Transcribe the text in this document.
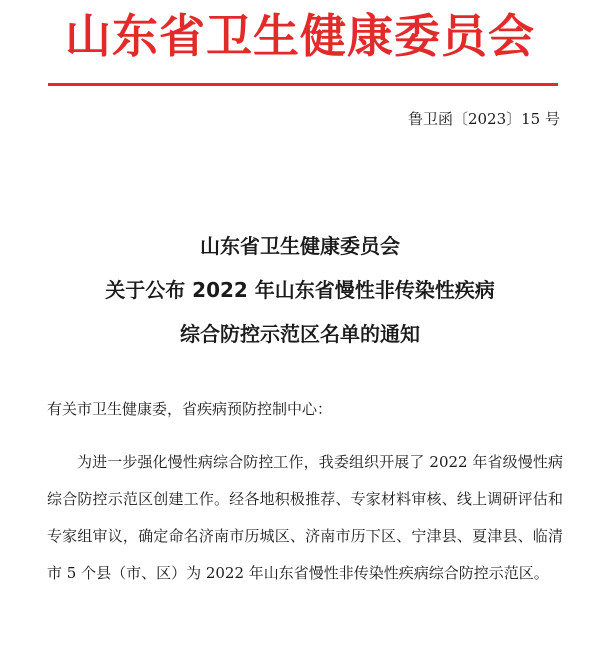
山东省卫生健康委员会
鲁卫函〔2023〕15 号
山东省卫生健康委员会
关于公布 2022 年山东省慢性非传染性疾病
综合防控示范区名单的通知
有关市卫生健康委，省疾病预防控制中心：
为进一步强化慢性病综合防控工作，我委组织开展了 2022 年省级慢性病综合防控示范区创建工作。经各地积极推荐、专家材料审核、线上调研评估和专家组审议，确定命名济南市历城区、济南市历下区、宁津县、夏津县、临清市 5 个县（市、区）为 2022 年山东省慢性非传染性疾病综合防控示范区。
